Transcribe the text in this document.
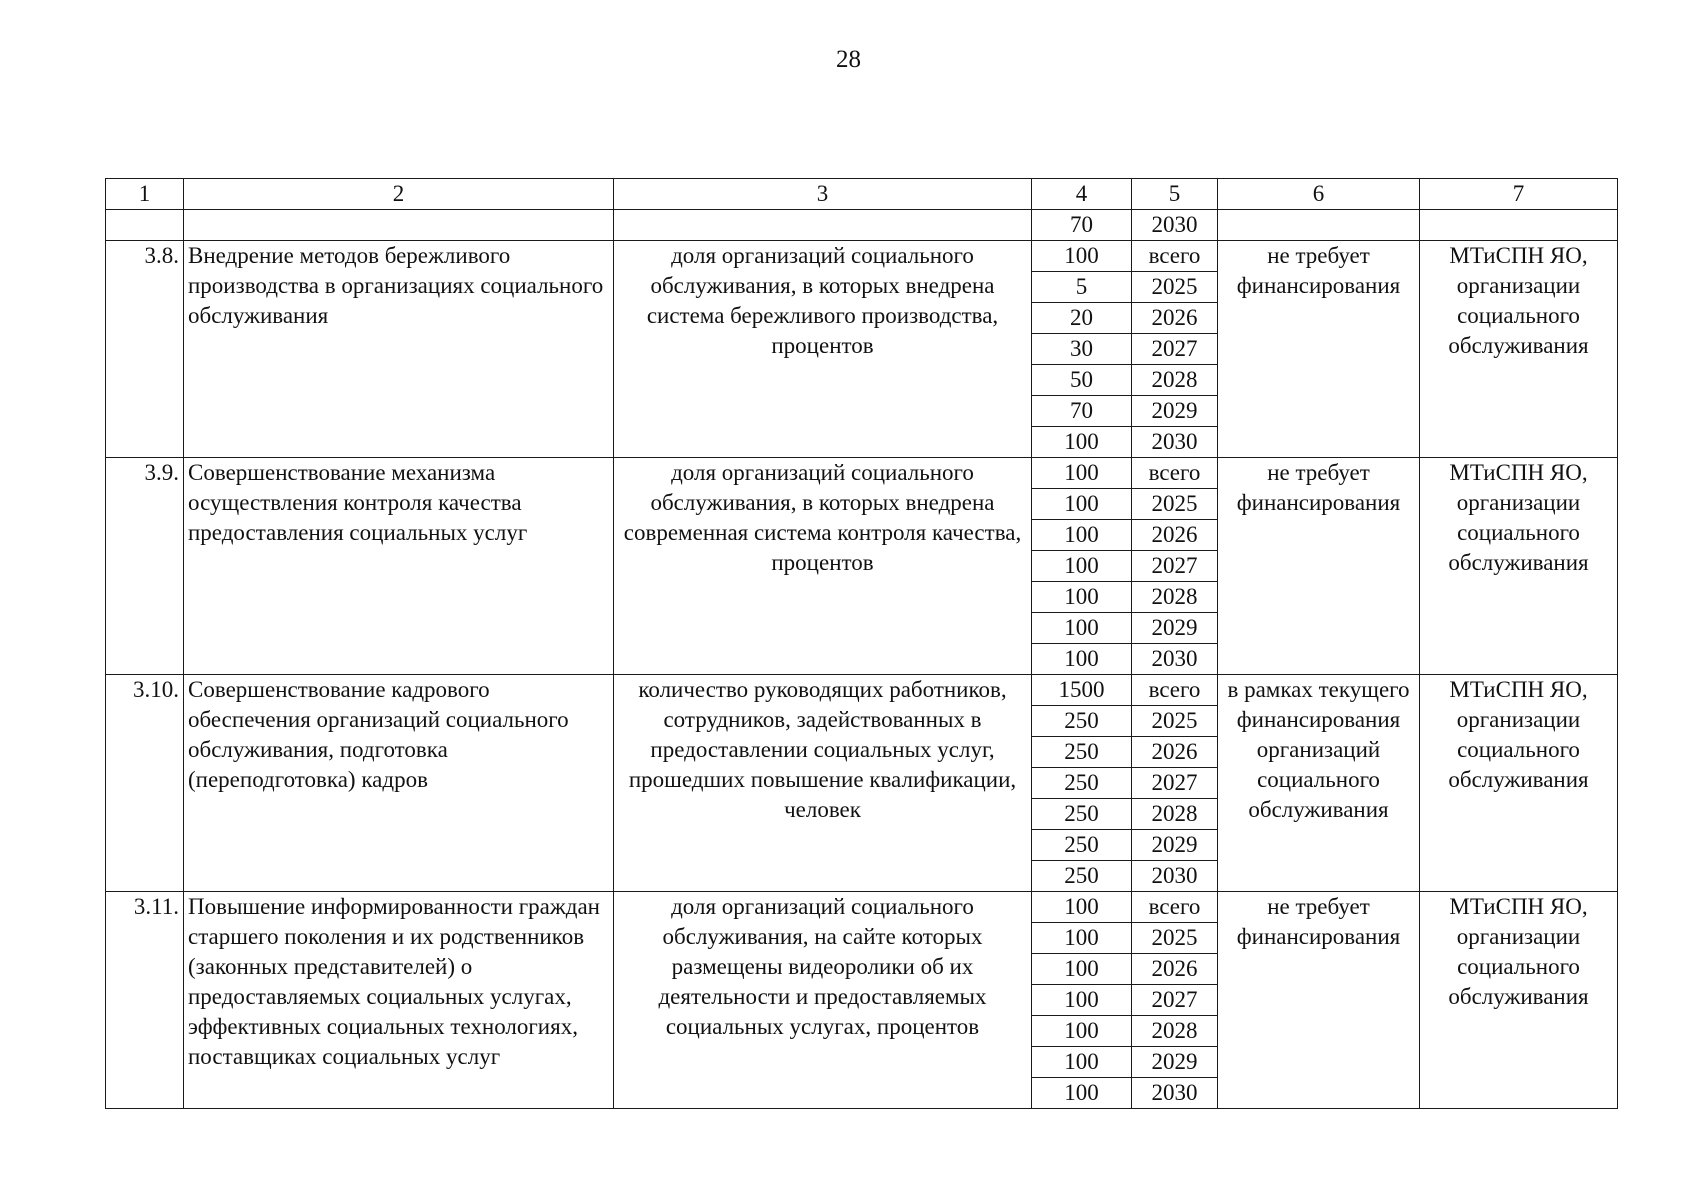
28
1	2	3	4	5	6	7
			70	2030		
3.8.	Внедрение методов бережливого производства в организациях социального обслуживания	доля организаций социального обслуживания, в которых внедрена система бережливого производства, процентов	100	всего	не требует финансирования	МТиСПН ЯО, организации социального обслуживания
			5	2025		
			20	2026		
			30	2027		
			50	2028		
			70	2029		
			100	2030		
3.9.	Совершенствование механизма осуществления контроля качества предоставления социальных услуг	доля организаций социального обслуживания, в которых внедрена современная система контроля качества, процентов	100	всего	не требует финансирования	МТиСПН ЯО, организации социального обслуживания
			100	2025		
			100	2026		
			100	2027		
			100	2028		
			100	2029		
			100	2030		
3.10.	Совершенствование кадрового обеспечения организаций социального обслуживания, подготовка (переподготовка) кадров	количество руководящих работников, сотрудников, задействованных в предоставлении социальных услуг, прошедших повышение квалификации, человек	1500	всего	в рамках текущего финансирования организаций социального обслуживания	МТиСПН ЯО, организации социального обслуживания
			250	2025		
			250	2026		
			250	2027		
			250	2028		
			250	2029		
			250	2030		
3.11.	Повышение информированности граждан старшего поколения и их родственников (законных представителей) о предоставляемых социальных услугах, эффективных социальных технологиях, поставщиках социальных услуг	доля организаций социального обслуживания, на сайте которых размещены видеоролики об их деятельности и предоставляемых социальных услугах, процентов	100	всего	не требует финансирования	МТиСПН ЯО, организации социального обслуживания
			100	2025		
			100	2026		
			100	2027		
			100	2028		
			100	2029		
			100	2030		
